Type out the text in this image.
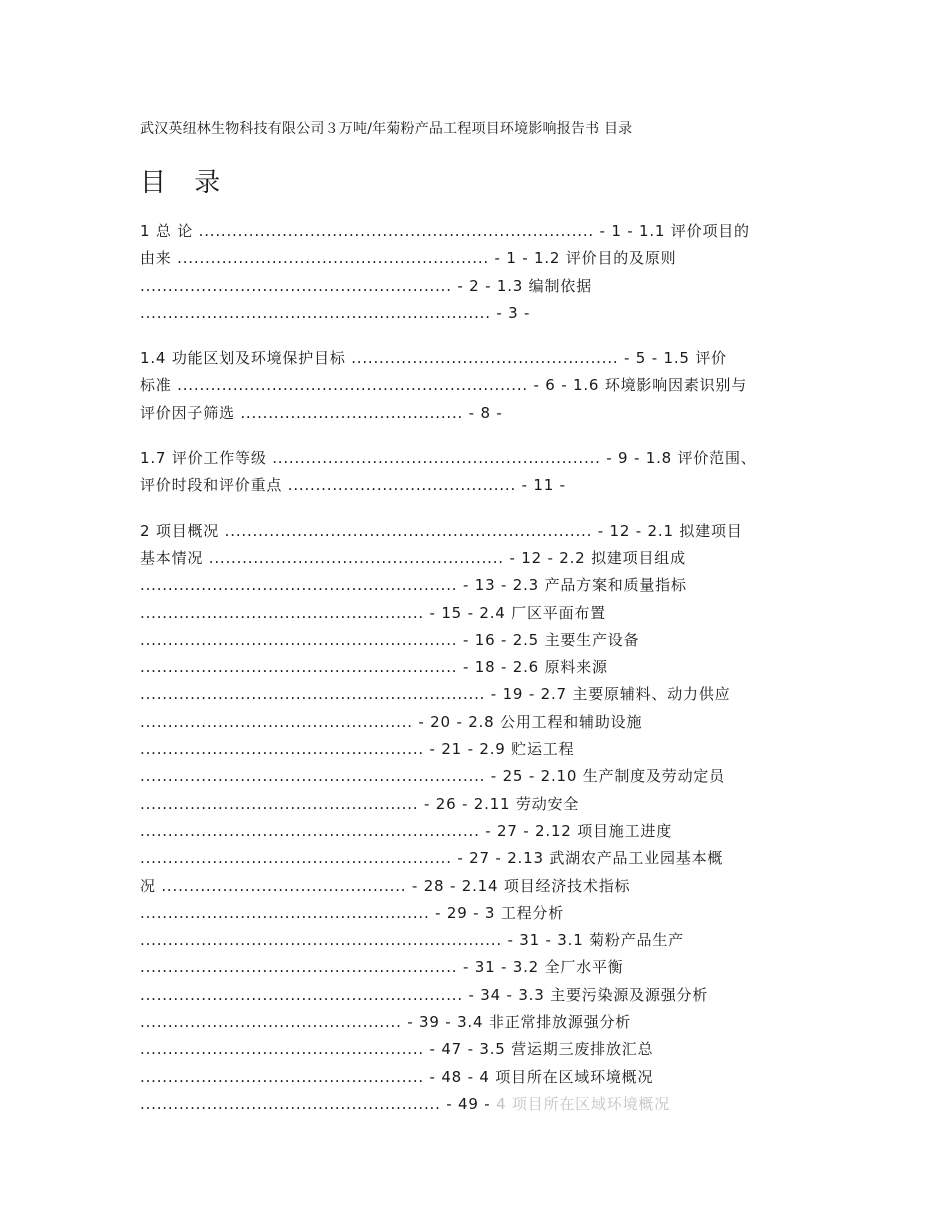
武汉英纽林生物科技有限公司３万吨/年菊粉产品工程项目环境影响报告书 目录
目 录
1 总 论 ....................................................................... - 1 - 1.1 评价项目的
由来 ........................................................ - 1 - 1.2 评价目的及原则
........................................................ - 2 - 1.3 编制依据
............................................................... - 3 -
1.4 功能区划及环境保护目标 ................................................ - 5 - 1.5 评价
标准 ............................................................... - 6 - 1.6 环境影响因素识别与
评价因子筛选 ........................................ - 8 -
1.7 评价工作等级 ........................................................... - 9 - 1.8 评价范围、
评价时段和评价重点 ......................................... - 11 -
2 项目概况 .................................................................. - 12 - 2.1 拟建项目
基本情况 ..................................................... - 12 - 2.2 拟建项目组成
......................................................... - 13 - 2.3 产品方案和质量指标
................................................... - 15 - 2.4 厂区平面布置
......................................................... - 16 - 2.5 主要生产设备
......................................................... - 18 - 2.6 原料来源
.............................................................. - 19 - 2.7 主要原辅料、动力供应
................................................. - 20 - 2.8 公用工程和辅助设施
................................................... - 21 - 2.9 贮运工程
.............................................................. - 25 - 2.10 生产制度及劳动定员
.................................................. - 26 - 2.11 劳动安全
............................................................. - 27 - 2.12 项目施工进度
........................................................ - 27 - 2.13 武湖农产品工业园基本概
况 ............................................ - 28 - 2.14 项目经济技术指标
.................................................... - 29 - 3 工程分析
................................................................. - 31 - 3.1 菊粉产品生产
......................................................... - 31 - 3.2 全厂水平衡
.......................................................... - 34 - 3.3 主要污染源及源强分析
............................................... - 39 - 3.4 非正常排放源强分析
................................................... - 47 - 3.5 营运期三废排放汇总
................................................... - 48 - 4 项目所在区域环境概况
...................................................... - 49 - 4 项目所在区域环境概况
